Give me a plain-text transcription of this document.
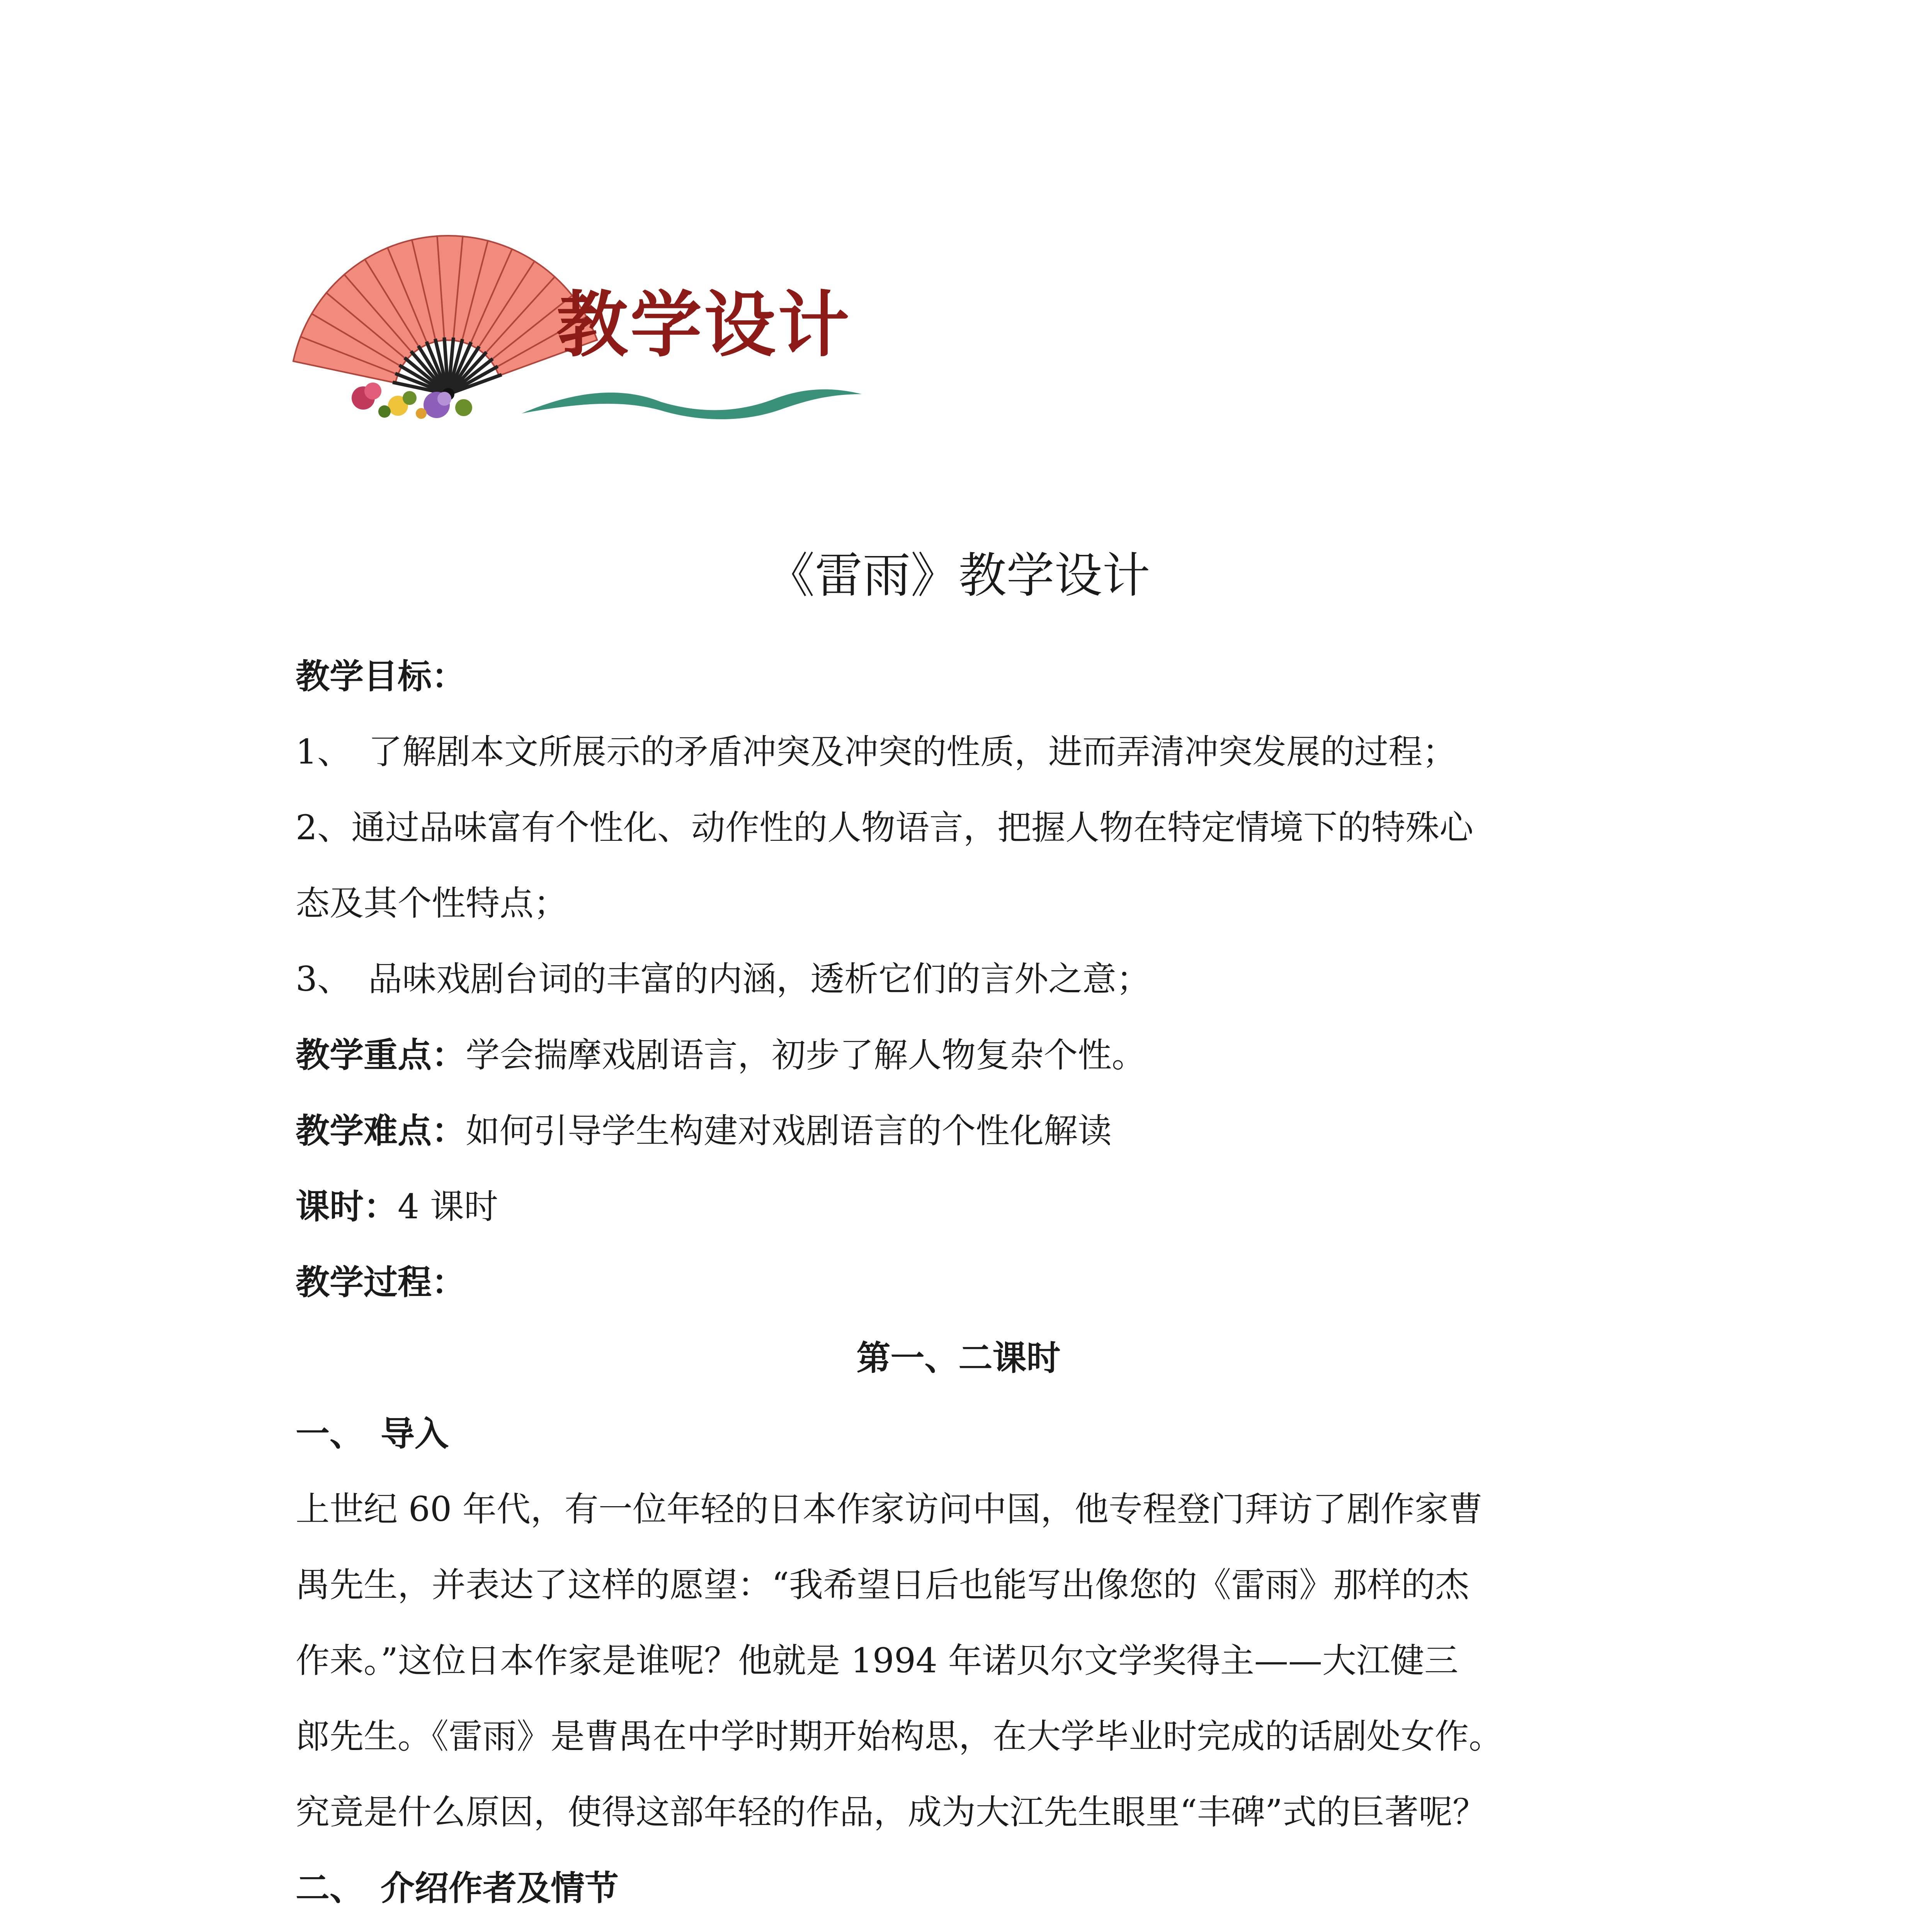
教学设计
《雷雨》教学设计
教学目标：
1、　了解剧本文所展示的矛盾冲突及冲突的性质，进而弄清冲突发展的过程；
2、通过品味富有个性化、动作性的人物语言，把握人物在特定情境下的特殊心
态及其个性特点；
3、　品味戏剧台词的丰富的内涵，透析它们的言外之意；
教学重点：学会揣摩戏剧语言，初步了解人物复杂个性。
教学难点：如何引导学生构建对戏剧语言的个性化解读
课时：4 课时
教学过程：
第一、二课时
一、　导入
上世纪 60 年代，有一位年轻的日本作家访问中国，他专程登门拜访了剧作家曹
禺先生，并表达了这样的愿望：“我希望日后也能写出像您的《雷雨》那样的杰
作来。”这位日本作家是谁呢？他就是 1994 年诺贝尔文学奖得主——大江健三
郎先生。《雷雨》是曹禺在中学时期开始构思，在大学毕业时完成的话剧处女作。
究竟是什么原因，使得这部年轻的作品，成为大江先生眼里“丰碑”式的巨著呢？
二、　介绍作者及情节
